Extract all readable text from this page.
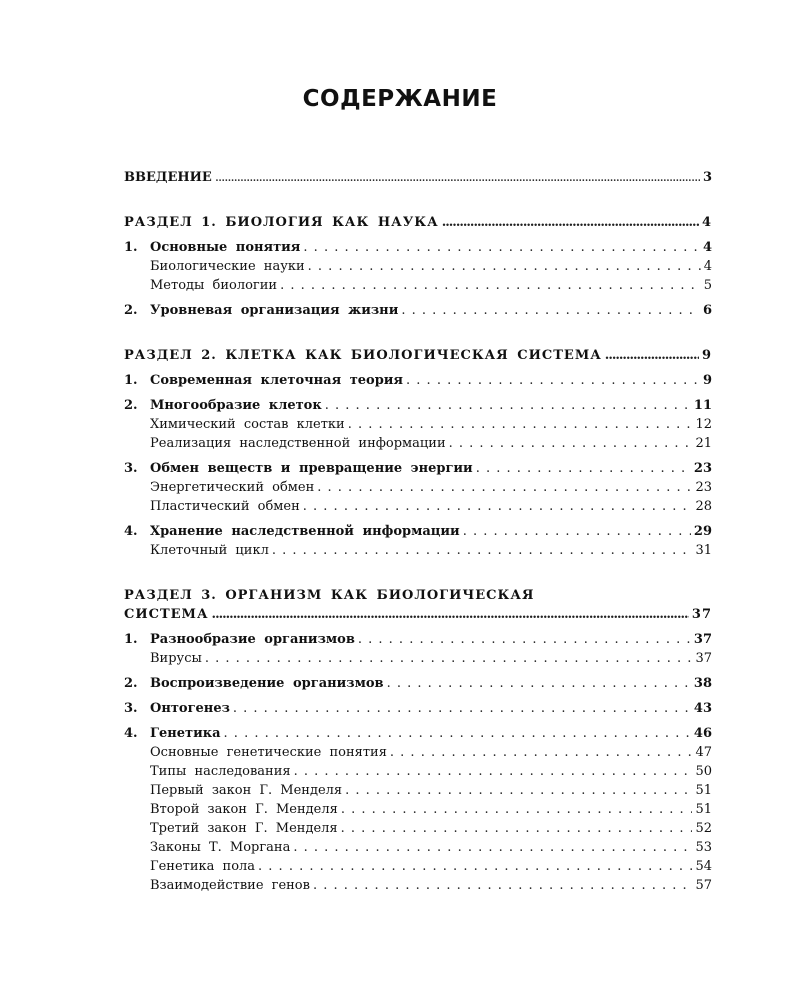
СОДЕРЖАНИЕ
ВВЕДЕНИЕ .....	3
РАЗДЕЛ 1. БИОЛОГИЯ КАК НАУКА .....	4
1. Основные понятия . . .	4
Биологические науки . . .	4
Методы биологии . . .	5
2. Уровневая организация жизни . . .	6
РАЗДЕЛ 2. КЛЕТКА КАК БИОЛОГИЧЕСКАЯ СИСТЕМА .....	9
1. Современная клеточная теория . . .	9
2. Многообразие клеток . . .	11
Химический состав клетки . . .	12
Реализация наследственной информации . . .	21
3. Обмен веществ и превращение энергии . . .	23
Энергетический обмен . . .	23
Пластический обмен . . .	28
4. Хранение наследственной информации . . .	29
Клеточный цикл . . .	31
РАЗДЕЛ 3. ОРГАНИЗМ КАК БИОЛОГИЧЕСКАЯ
СИСТЕМА .....	37
1. Разнообразие организмов . . .	37
Вирусы . . .	37
2. Воспроизведение организмов . . .	38
3. Онтогенез . . .	43
4. Генетика . . .	46
Основные генетические понятия . . .	47
Типы наследования . . .	50
Первый закон Г. Менделя . . .	51
Второй закон Г. Менделя . . .	51
Третий закон Г. Менделя . . .	52
Законы Т. Моргана . . .	53
Генетика пола . . .	54
Взаимодействие генов . . .	57
